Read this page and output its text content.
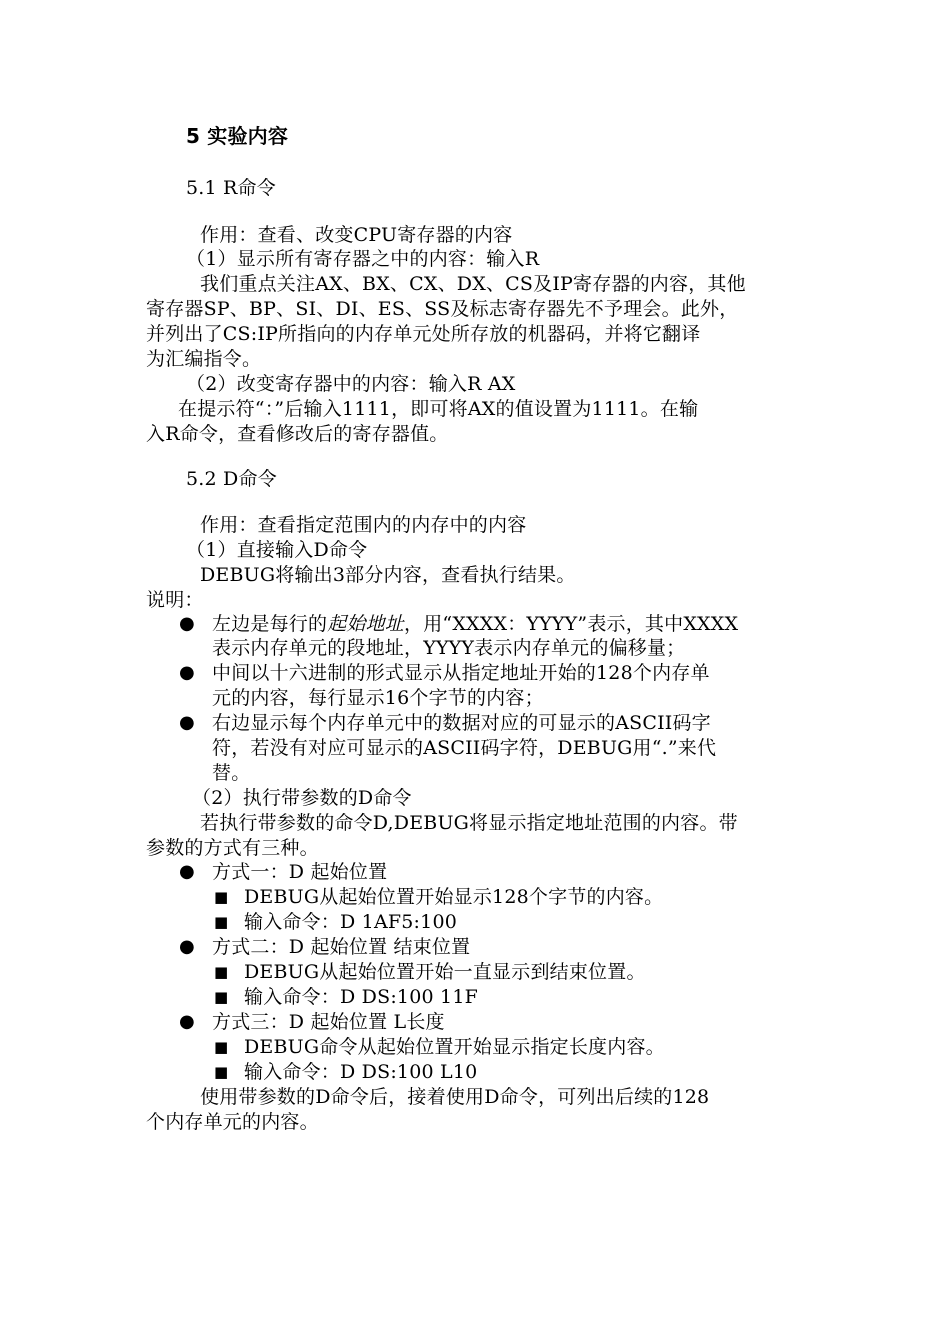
5 实验内容
5.1 R命令
作用：查看、改变CPU寄存器的内容
（1）显示所有寄存器之中的内容：输入R
我们重点关注AX、BX、CX、DX、CS及IP寄存器的内容，其他
寄存器SP、BP、SI、DI、ES、SS及标志寄存器先不予理会。此外，
并列出了CS:IP所指向的内存单元处所存放的机器码，并将它翻译
为汇编指令。
（2）改变寄存器中的内容：输入R AX
在提示符“：”后输入1111，即可将AX的值设置为1111。在输
入R命令，查看修改后的寄存器值。
5.2 D命令
作用：查看指定范围内的内存中的内容
（1）直接输入D命令
DEBUG将输出3部分内容，查看执行结果。
说明：
● 左边是每行的起始地址，用“XXXX：YYYY”表示，其中XXXX
表示内存单元的段地址，YYYY表示内存单元的偏移量；
● 中间以十六进制的形式显示从指定地址开始的128个内存单
元的内容，每行显示16个字节的内容；
● 右边显示每个内存单元中的数据对应的可显示的ASCII码字
符，若没有对应可显示的ASCII码字符，DEBUG用“.”来代
替。
（2）执行带参数的D命令
若执行带参数的命令D,DEBUG将显示指定地址范围的内容。带
参数的方式有三种。
● 方式一：D 起始位置
■ DEBUG从起始位置开始显示128个字节的内容。
■ 输入命令：D 1AF5:100
● 方式二：D 起始位置 结束位置
■ DEBUG从起始位置开始一直显示到结束位置。
■ 输入命令：D DS:100 11F
● 方式三：D 起始位置 L长度
■ DEBUG命令从起始位置开始显示指定长度内容。
■ 输入命令：D DS:100 L10
使用带参数的D命令后，接着使用D命令，可列出后续的128
个内存单元的内容。
